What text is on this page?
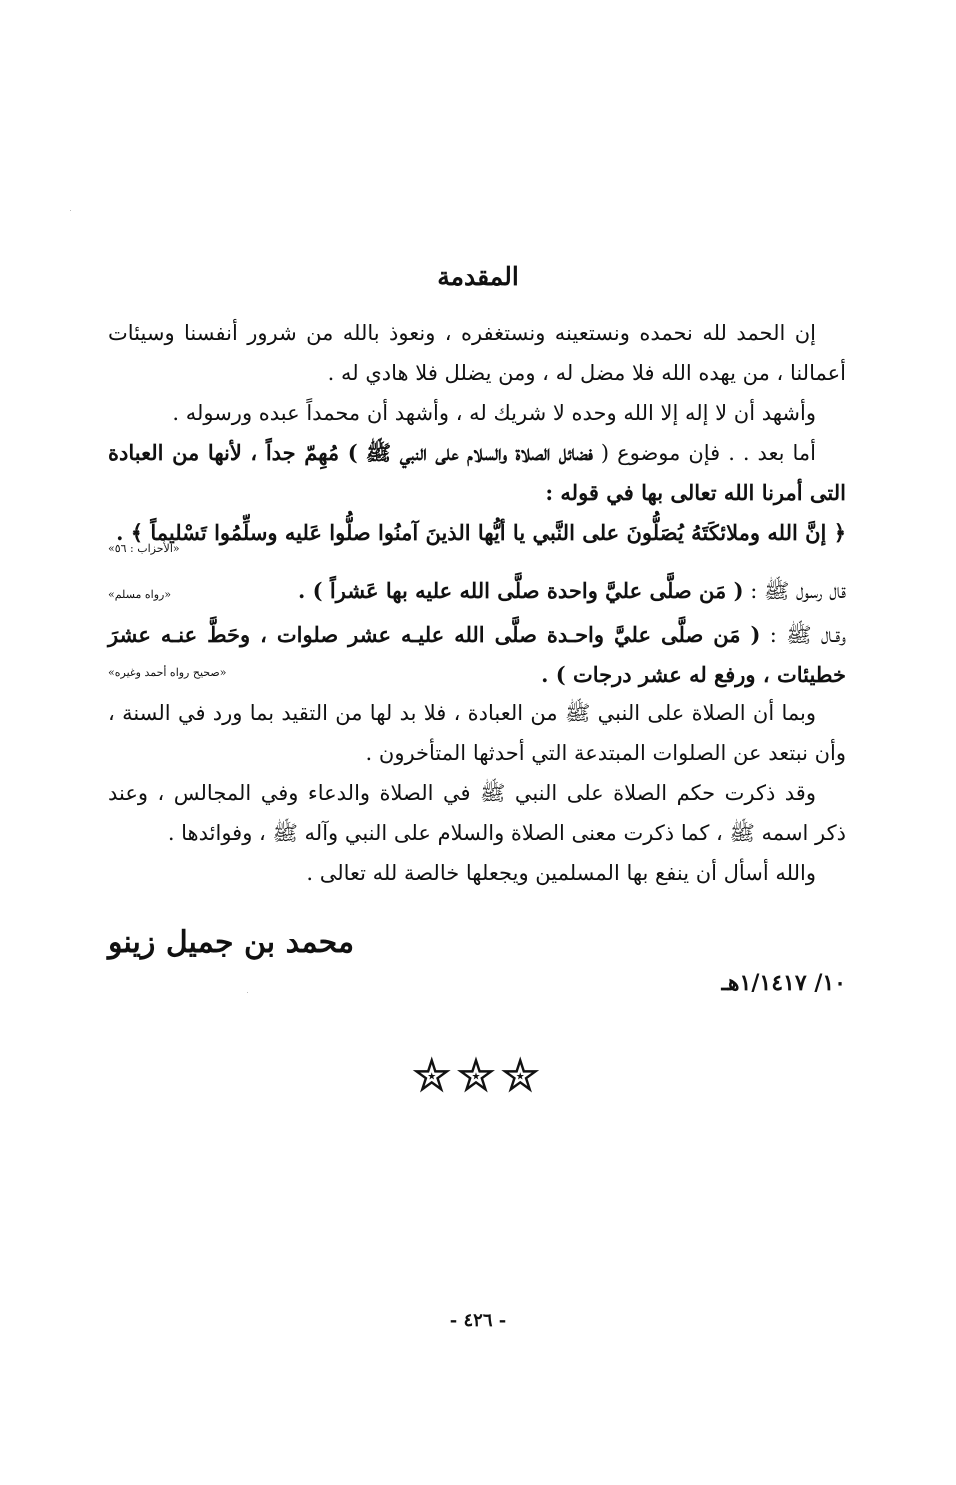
المقدمة

إن الحمد لله نحمده ونستعينه ونستغفره ، ونعوذ بالله من شرور أنفسنا وسيئات أعمالنا ، من يهده الله فلا مضل له ، ومن يضلل فلا هادي له .

وأشهد أن لا إله إلا الله وحده لا شريك له ، وأشهد أن محمداً عبده ورسوله .

أما بعد . . فإن موضوع ( فضائل الصلاة والسلام على النبي ﷺ ) مُهِمّ جداً ، لأنها من العبادة التى أمرنا الله تعالى بها في قوله :

﴿ إنَّ الله وملائكَتَهُ يُصَلُّونَ على النَّبي يا أيُّها الذينَ آمنُوا صلُّوا عَليه وسلِّمُوا تَسْليماً ﴾ .
«الأحزاب : ٥٦»
قال رسول ﷺ : ( مَن صلَّى عليَّ واحدة صلَّى الله عليه بها عَشراً ) .
«رواه مسلم»

وقـال ﷺ : ( مَن صلَّى عليَّ واحـدة صلَّى الله عليـه عشر صلوات ، وحَطَّ عنـه عشرَ خطيئات ، ورفع له عشر درجات ) .

«صحيح رواه أحمد وغيره»

وبما أن الصلاة على النبي ﷺ من العبادة ، فلا بد لها من التقيد بما ورد في السنة ، وأن نبتعد عن الصلوات المبتدعة التي أحدثها المتأخرون .

وقد ذكرت حكم الصلاة على النبي ﷺ في الصلاة والدعاء وفي المجالس ، وعند ذكر اسمه ﷺ ، كما ذكرت معنى الصلاة والسلام على النبي وآله ﷺ ، وفوائدها .

والله أسأل أن ينفع بها المسلمين ويجعلها خالصة لله تعالى .

محمد بن جميل زينو
١٠/ ١/١٤١٧هـ
✮✮✮
- ٤٢٦ -
